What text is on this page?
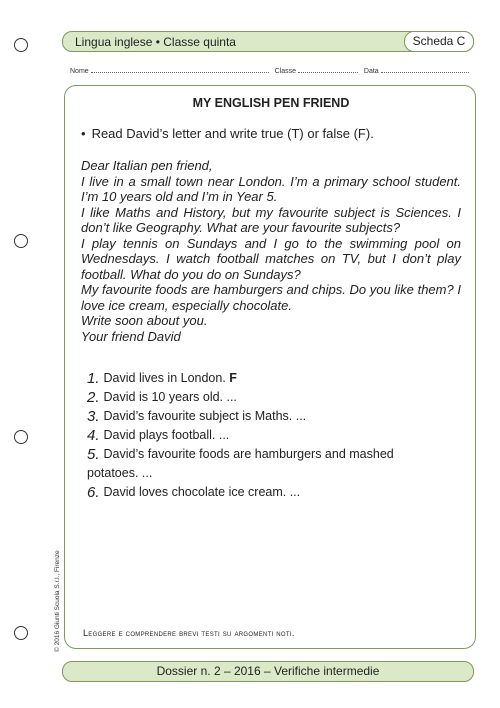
Lingua inglese • Classe quinta	Scheda C
Nome	Classe	Data
MY ENGLISH PEN FRIEND
• Read David’s letter and write true (T) or false (F).

Dear Italian pen friend,

I live in a small town near London. I’m a primary school student. I’m 10 years old and I’m in Year 5.

I like Maths and History, but my favourite subject is Sciences. I don’t like Geography. What are your favourite subjects?

I play tennis on Sundays and I go to the swimming pool on Wednesdays. I watch football matches on TV, but I don’t play football. What do you do on Sundays?

My favourite foods are hamburgers and chips. Do you like them? I love ice cream, especially chocolate.

Write soon about you.

Your friend David

1. David lives in London.
F
2. David is 10 years old. ...
3. David’s favourite subject is Maths. ...
4. David plays football. ...
5. David’s favourite foods are hamburgers and mashed
potatoes. ...
6. David loves chocolate ice cream. ...
Leggere e comprendere brevi testi su argomenti noti.
© 2016 Giunti Scuola S.r.l., Firenze
Dossier n. 2 – 2016 – Verifiche intermedie
